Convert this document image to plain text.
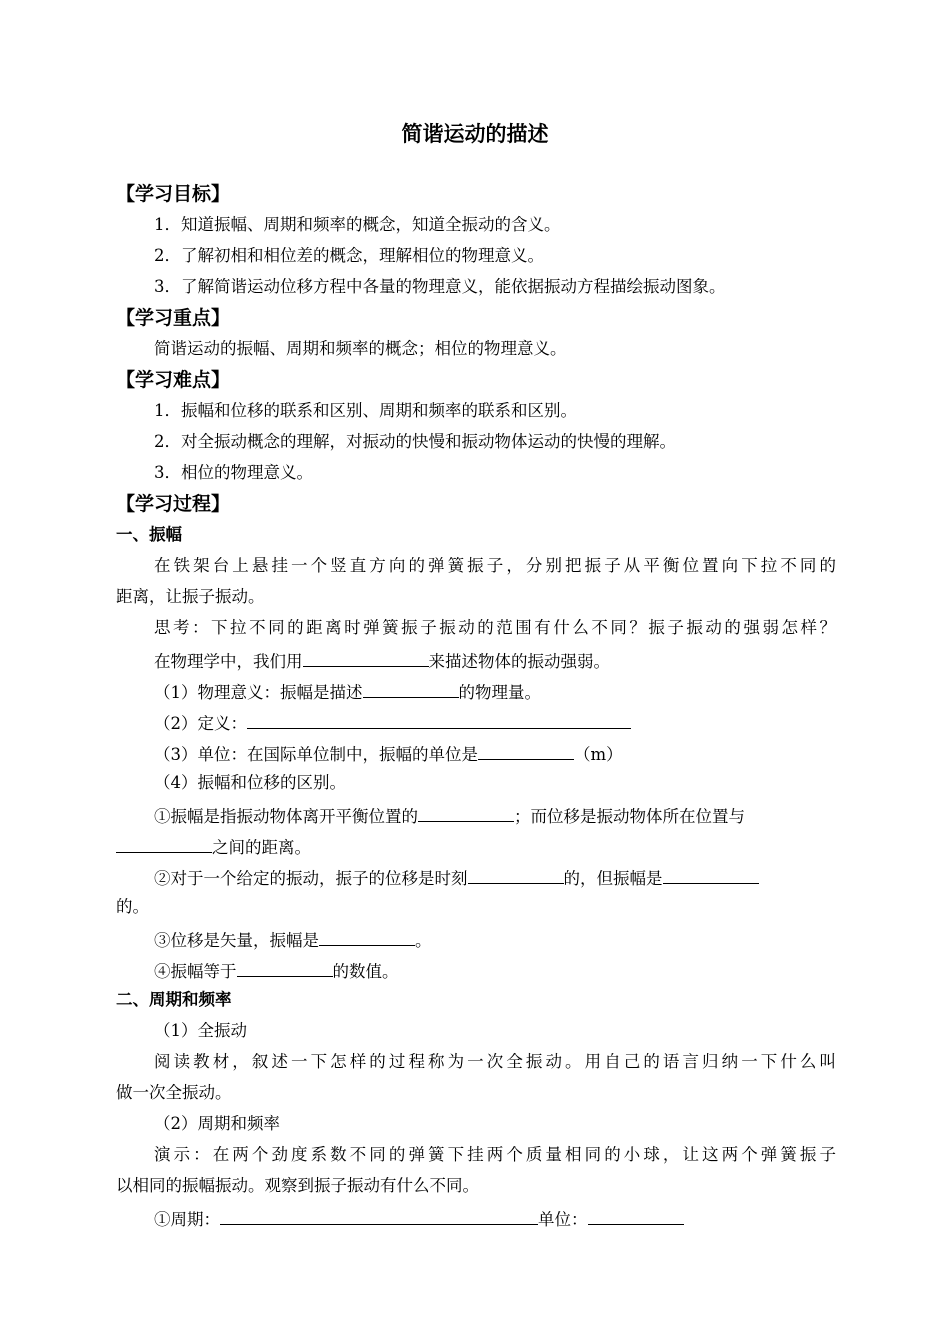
简谐运动的描述
【学习目标】
1．知道振幅、周期和频率的概念，知道全振动的含义。
2．了解初相和相位差的概念，理解相位的物理意义。
3．了解简谐运动位移方程中各量的物理意义，能依据振动方程描绘振动图象。
【学习重点】
简谐运动的振幅、周期和频率的概念；相位的物理意义。
【学习难点】
1．振幅和位移的联系和区别、周期和频率的联系和区别。
2．对全振动概念的理解，对振动的快慢和振动物体运动的快慢的理解。
3．相位的物理意义。
【学习过程】
一、振幅
在铁架台上悬挂一个竖直方向的弹簧振子，分别把振子从平衡位置向下拉不同的
距离，让振子振动。
思考：下拉不同的距离时弹簧振子振动的范围有什么不同？振子振动的强弱怎样？
在物理学中，我们用	来描述物体的振动强弱。
（1）物理意义：振幅是描述	的物理量。
（2）定义：
（3）单位：在国际单位制中，振幅的单位是	（m）
（4）振幅和位移的区别。
①振幅是指振动物体离开平衡位置的	；而位移是振动物体所在位置与
之间的距离。
②对于一个给定的振动，振子的位移是时刻	的，但振幅是
的。
③位移是矢量，振幅是	。
④振幅等于	的数值。
二、周期和频率
（1）全振动
阅读教材，叙述一下怎样的过程称为一次全振动。用自己的语言归纳一下什么叫
做一次全振动。
（2）周期和频率
演示：在两个劲度系数不同的弹簧下挂两个质量相同的小球，让这两个弹簧振子
以相同的振幅振动。观察到振子振动有什么不同。
①周期：	单位：
